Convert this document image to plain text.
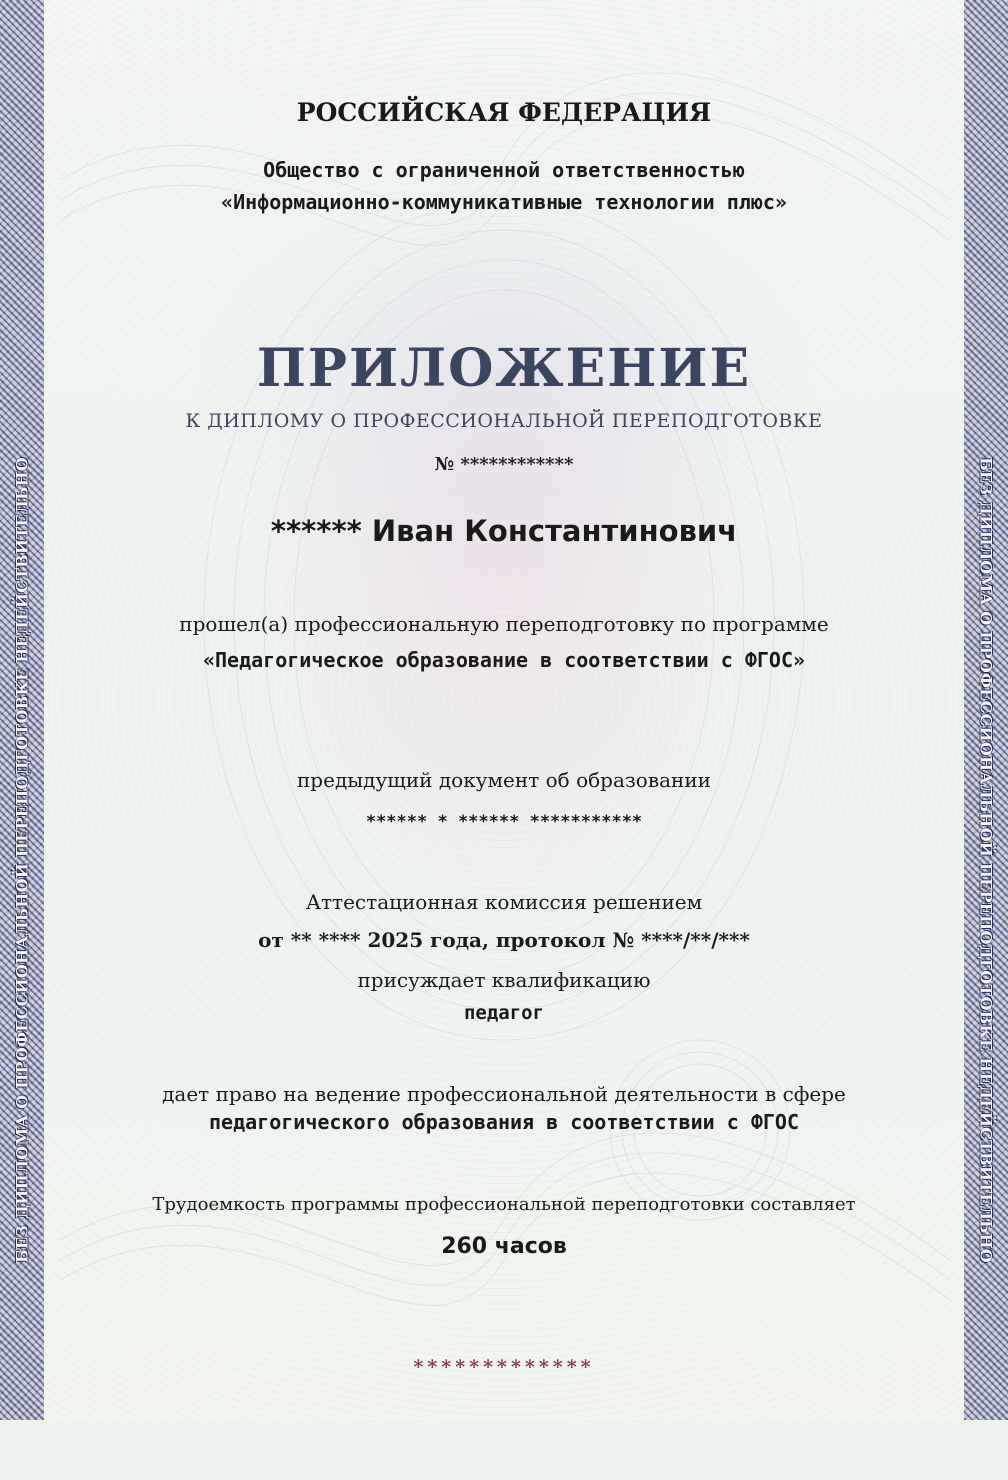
БЕЗ ДИПЛОМА О ПРОФЕССИОНАЛЬНОЙ ПЕРЕПОДГОТОВКЕ НЕДЕЙСТВИТЕЛЬНО	БЕЗ ДИПЛОМА О ПРОФЕССИОНАЛЬНОЙ ПЕРЕПОДГОТОВКЕ НЕДЕЙСТВИТЕЛЬНО
РОССИЙСКАЯ ФЕДЕРАЦИЯ
Общество с ограниченной ответственностью
«Информационно-коммуникативные технологии плюс»
ПРИЛОЖЕНИЕ
К ДИПЛОМУ О ПРОФЕССИОНАЛЬНОЙ ПЕРЕПОДГОТОВКЕ
№ ************
****** Иван Константинович
прошел(а) профессиональную переподготовку по программе
«Педагогическое образование в соответствии с ФГОС»
предыдущий документ об образовании
****** * ****** ***********
Аттестационная комиссия решением
от ** **** 2025 года, протокол № ****/**/***
присуждает квалификацию
педагог
дает право на ведение профессиональной деятельности в сфере
педагогического образования в соответствии с ФГОС
Трудоемкость программы профессиональной переподготовки составляет
260 часов
*************
